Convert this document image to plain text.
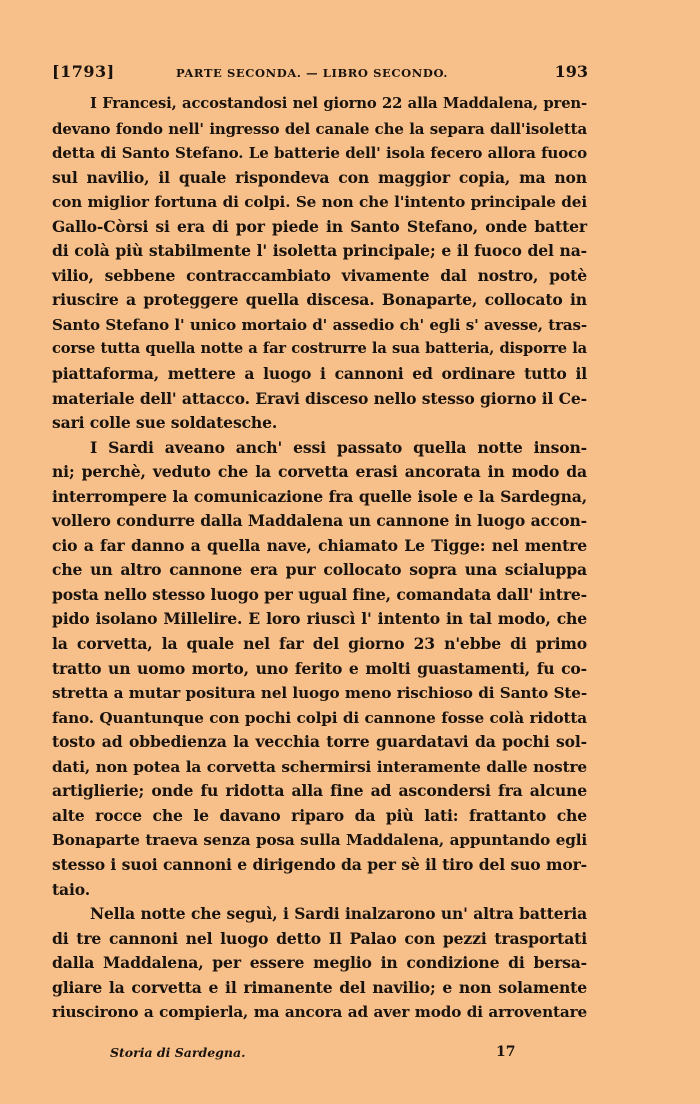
[1793]	PARTE SECONDA. — LIBRO SECONDO.	193
I Francesi, accostandosi nel giorno 22 alla Maddalena, pren-
devano fondo nell' ingresso del canale che la separa dall'isoletta
detta di Santo Stefano. Le batterie dell' isola fecero allora fuoco
sul navilio, il quale rispondeva con maggior copia, ma non
con miglior fortuna di colpi. Se non che l'intento principale dei
Gallo-Còrsi si era di por piede in Santo Stefano, onde batter
di colà più stabilmente l' isoletta principale; e il fuoco del na-
vilio, sebbene contraccambiato vivamente dal nostro, potè
riuscire a proteggere quella discesa. Bonaparte, collocato in
Santo Stefano l' unico mortaio d' assedio ch' egli s' avesse, tras-
corse tutta quella notte a far costrurre la sua batteria, disporre la
piattaforma, mettere a luogo i cannoni ed ordinare tutto il
materiale dell' attacco. Eravi disceso nello stesso giorno il Ce-
sari colle sue soldatesche.
I Sardi aveano anch' essi passato quella notte inson-
ni; perchè, veduto che la corvetta erasi ancorata in modo da
interrompere la comunicazione fra quelle isole e la Sardegna,
vollero condurre dalla Maddalena un cannone in luogo accon-
cio a far danno a quella nave, chiamato Le Tigge: nel mentre
che un altro cannone era pur collocato sopra una scialuppa
posta nello stesso luogo per ugual fine, comandata dall' intre-
pido isolano Millelire. E loro riuscì l' intento in tal modo, che
la corvetta, la quale nel far del giorno 23 n'ebbe di primo
tratto un uomo morto, uno ferito e molti guastamenti, fu co-
stretta a mutar positura nel luogo meno rischioso di Santo Ste-
fano. Quantunque con pochi colpi di cannone fosse colà ridotta
tosto ad obbedienza la vecchia torre guardatavi da pochi sol-
dati, non potea la corvetta schermirsi interamente dalle nostre
artiglierie; onde fu ridotta alla fine ad ascondersi fra alcune
alte rocce che le davano riparo da più lati: frattanto che
Bonaparte traeva senza posa sulla Maddalena, appuntando egli
stesso i suoi cannoni e dirigendo da per sè il tiro del suo mor-
taio.
Nella notte che seguì, i Sardi inalzarono un' altra batteria
di tre cannoni nel luogo detto Il Palao con pezzi trasportati
dalla Maddalena, per essere meglio in condizione di bersa-
gliare la corvetta e il rimanente del navilio; e non solamente
riuscirono a compierla, ma ancora ad aver modo di arroventare
Storia di Sardegna.	17
